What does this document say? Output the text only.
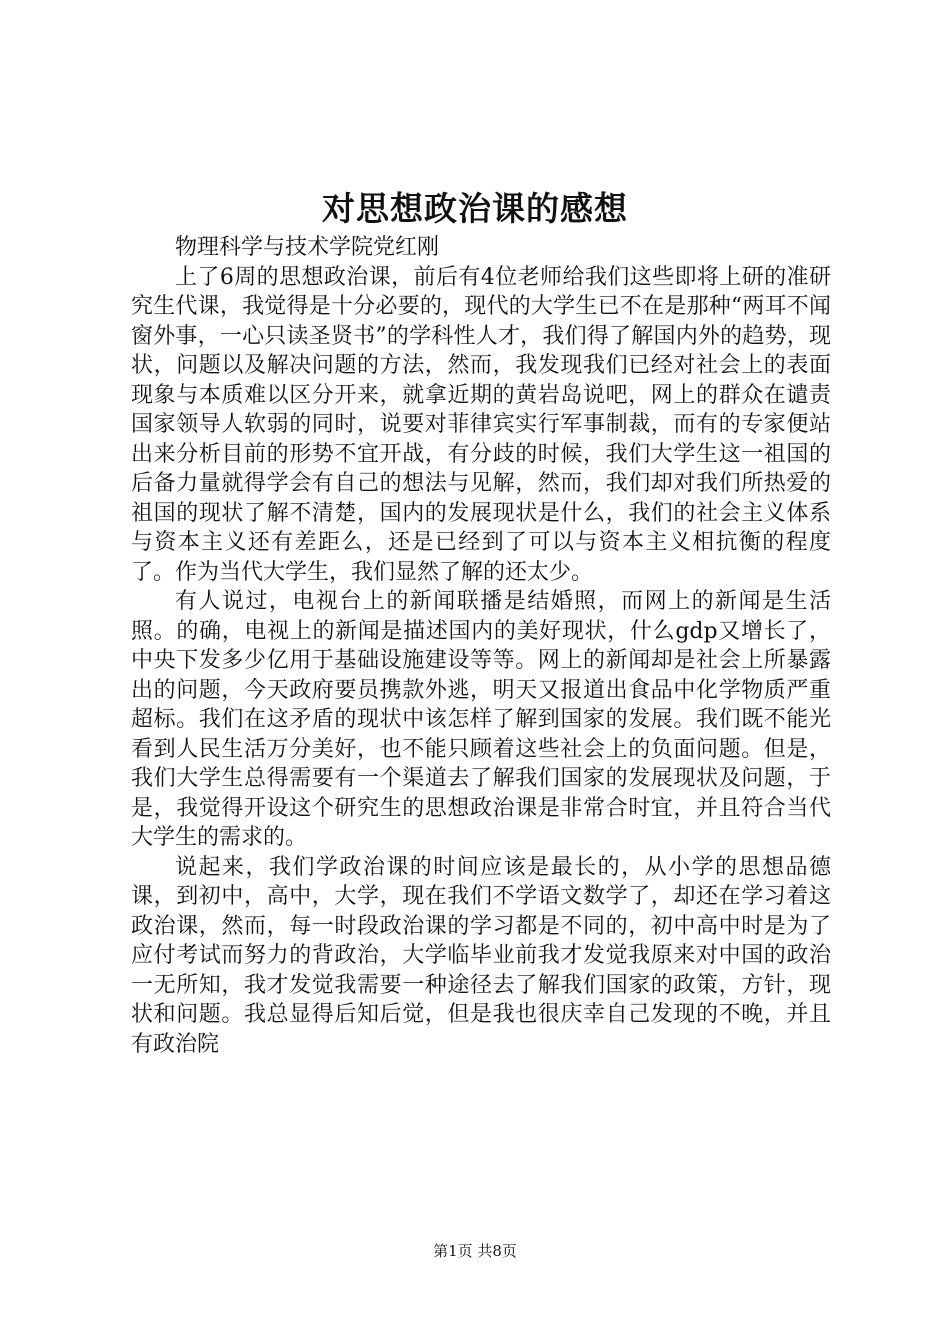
对思想政治课的感想

物理科学与技术学院党红刚

上了6周的思想政治课，前后有4位老师给我们这些即将上研的准研究生代课，我觉得是十分必要的，现代的大学生已不在是那种“两耳不闻窗外事，一心只读圣贤书”的学科性人才，我们得了解国内外的趋势，现状，问题以及解决问题的方法，然而，我发现我们已经对社会上的表面现象与本质难以区分开来，就拿近期的黄岩岛说吧，网上的群众在谴责国家领导人软弱的同时，说要对菲律宾实行军事制裁，而有的专家便站出来分析目前的形势不宜开战，有分歧的时候，我们大学生这一祖国的后备力量就得学会有自己的想法与见解，然而，我们却对我们所热爱的祖国的现状了解不清楚，国内的发展现状是什么，我们的社会主义体系与资本主义还有差距么，还是已经到了可以与资本主义相抗衡的程度了。作为当代大学生，我们显然了解的还太少。

有人说过，电视台上的新闻联播是结婚照，而网上的新闻是生活照。的确，电视上的新闻是描述国内的美好现状，什么gdp又增长了，中央下发多少亿用于基础设施建设等等。网上的新闻却是社会上所暴露出的问题，今天政府要员携款外逃，明天又报道出食品中化学物质严重超标。我们在这矛盾的现状中该怎样了解到国家的发展。我们既不能光看到人民生活万分美好，也不能只顾着这些社会上的负面问题。但是，我们大学生总得需要有一个渠道去了解我们国家的发展现状及问题，于是，我觉得开设这个研究生的思想政治课是非常合时宜，并且符合当代大学生的需求的。

说起来，我们学政治课的时间应该是最长的，从小学的思想品德课，到初中，高中，大学，现在我们不学语文数学了，却还在学习着这政治课，然而，每一时段政治课的学习都是不同的，初中高中时是为了应付考试而努力的背政治，大学临毕业前我才发觉我原来对中国的政治一无所知，我才发觉我需要一种途径去了解我们国家的政策，方针，现状和问题。我总显得后知后觉，但是我也很庆幸自己发现的不晚，并且有政治院

第1页 共8页
